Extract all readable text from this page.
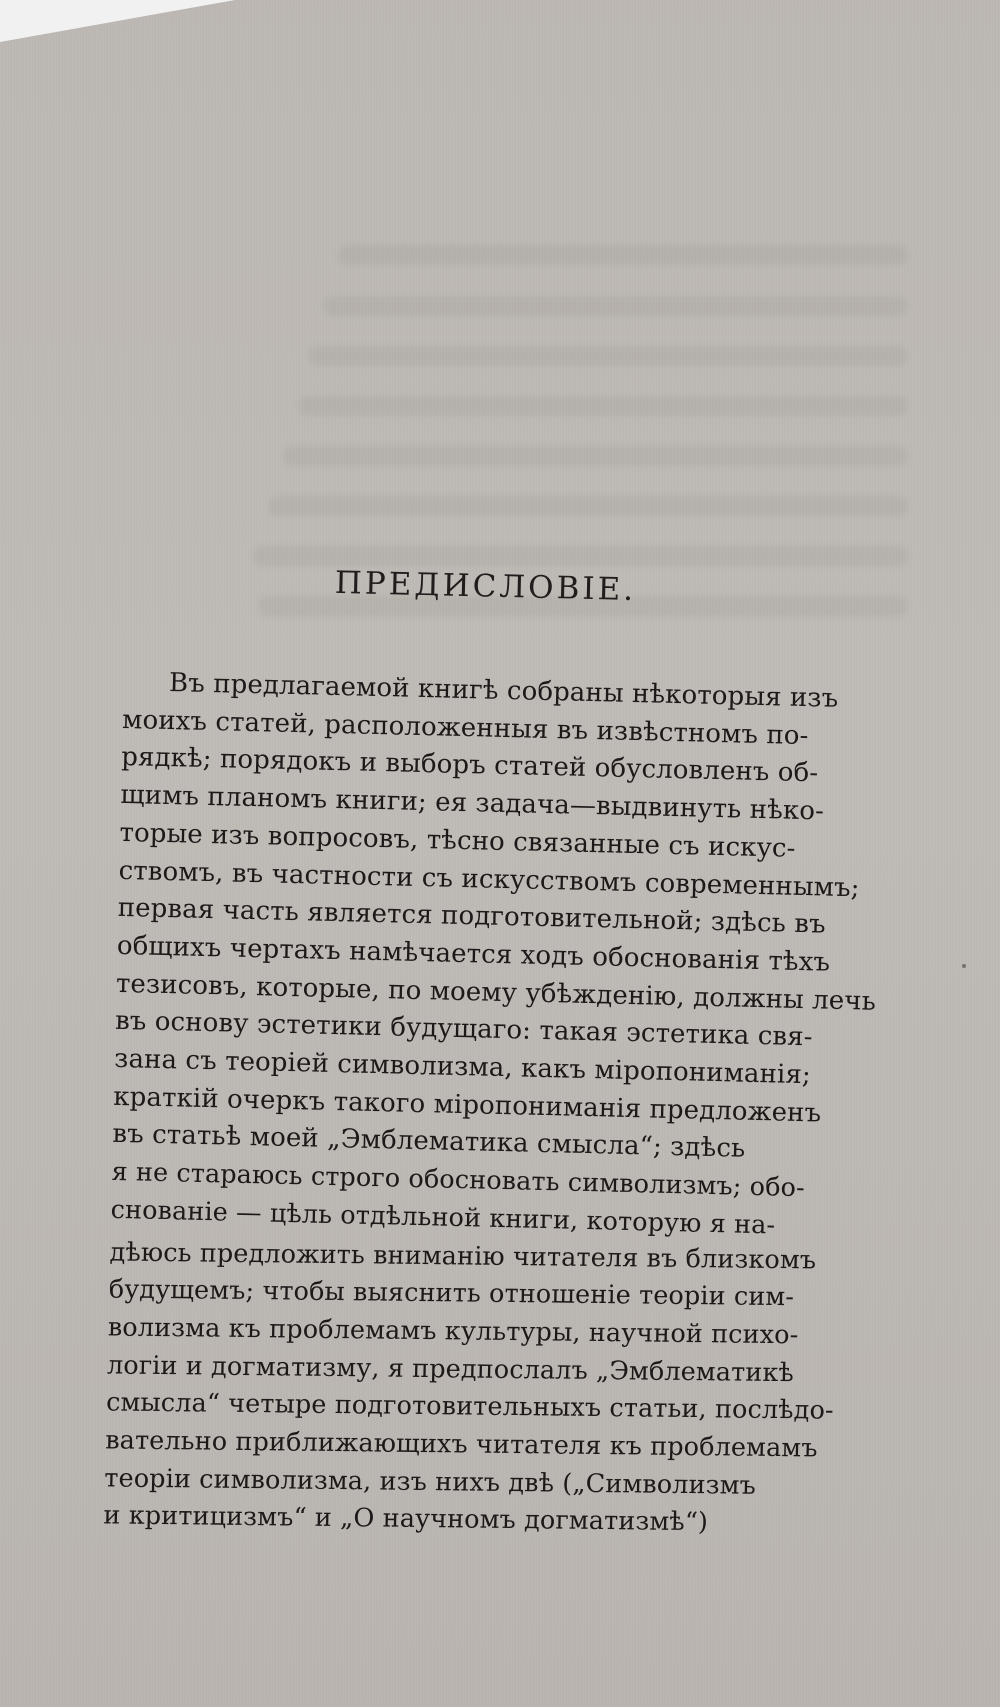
ПРЕДИСЛОВІЕ.
Въ предлагаемой книгѣ собраны нѣкоторыя изъ
моихъ статей, расположенныя въ извѣстномъ по-
рядкѣ; порядокъ и выборъ статей обусловленъ об-
щимъ планомъ книги; ея задача—выдвинуть нѣко-
торые изъ вопросовъ, тѣсно связанные съ искус-
ствомъ, въ частности съ искусствомъ современнымъ;
первая часть является подготовительной; здѣсь въ
общихъ чертахъ намѣчается ходъ обоснованія тѣхъ
тезисовъ, которые, по моему убѣжденію, должны лечь
въ основу эстетики будущаго: такая эстетика свя-
зана съ теоріей символизма, какъ міропониманія;
краткій очеркъ такого міропониманія предложенъ
въ статьѣ моей „Эмблематика смысла“; здѣсь
я не стараюсь строго обосновать символизмъ; обо-
снованіе — цѣль отдѣльной книги, которую я на-
дѣюсь предложить вниманію читателя въ близкомъ
будущемъ; чтобы выяснить отношеніе теоріи сим-
волизма къ проблемамъ культуры, научной психо-
логіи и догматизму, я предпослалъ „Эмблематикѣ
смысла“ четыре подготовительныхъ статьи, послѣдо-
вательно приближающихъ читателя къ проблемамъ
теоріи символизма, изъ нихъ двѣ („Символизмъ
и критицизмъ“ и „О научномъ догматизмѣ“)
